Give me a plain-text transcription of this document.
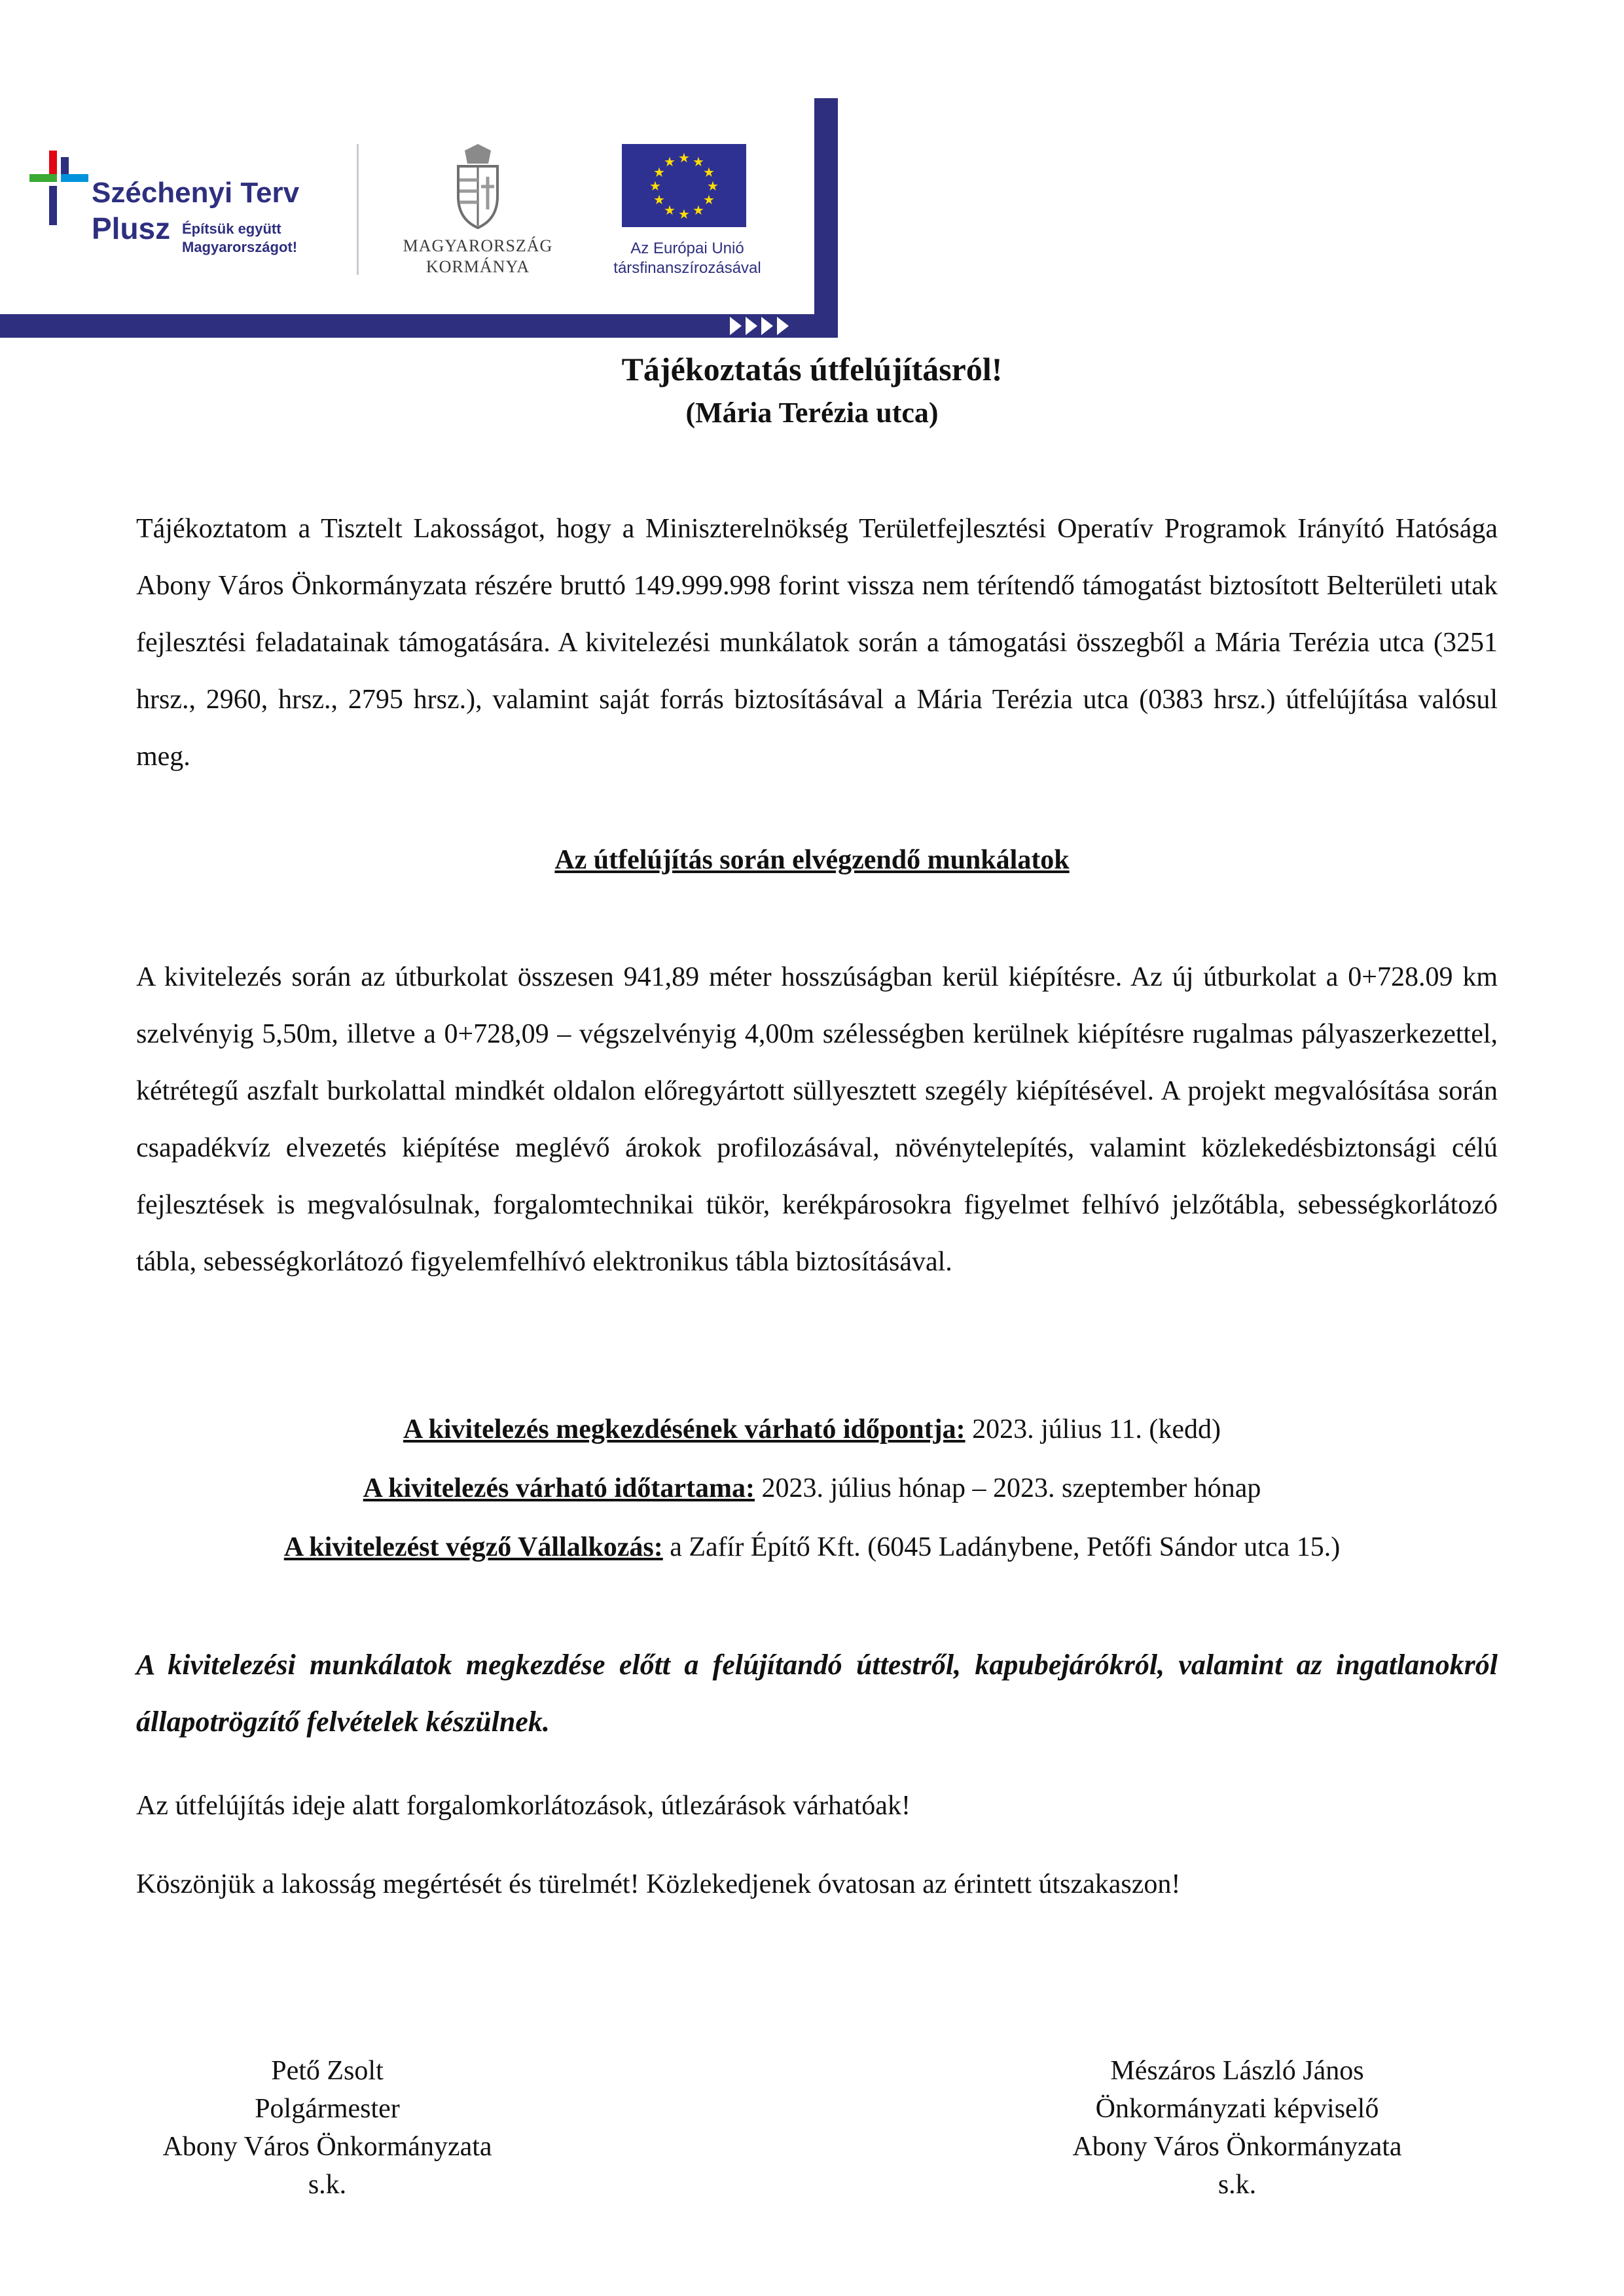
Széchenyi Terv
Plusz Építsük együtt Magyarországot!	MAGYARORSZÁG
KORMÁNYA
★ ★
★
★
★
★
★
★
★
★
★
★
Az Európai Unió
társfinanszírozásával
Tájékoztatás útfelújításról!
(Mária Terézia utca)
Tájékoztatom a Tisztelt Lakosságot, hogy a Miniszterelnökség Területfejlesztési Operatív Programok Irányító Hatósága Abony Város Önkormányzata részére bruttó 149.999.998 forint vissza nem térítendő támogatást biztosított Belterületi utak fejlesztési feladatainak támogatására. A kivitelezési munkálatok során a támogatási összegből a Mária Terézia utca (3251 hrsz., 2960, hrsz., 2795 hrsz.), valamint saját forrás biztosításával a Mária Terézia utca (0383 hrsz.) útfelújítása valósul meg.
Az útfelújítás során elvégzendő munkálatok
A kivitelezés során az útburkolat összesen 941,89 méter hosszúságban kerül kiépítésre. Az új útburkolat a 0+728.09 km szelvényig 5,50m, illetve a 0+728,09 – végszelvényig 4,00m szélességben kerülnek kiépítésre rugalmas pályaszerkezettel, kétrétegű aszfalt burkolattal mindkét oldalon előregyártott süllyesztett szegély kiépítésével. A projekt megvalósítása során csapadékvíz elvezetés kiépítése meglévő árokok profilozásával, növénytelepítés, valamint közlekedésbiztonsági célú fejlesztések is megvalósulnak, forgalomtechnikai tükör, kerékpárosokra figyelmet felhívó jelzőtábla, sebességkorlátozó tábla, sebességkorlátozó figyelemfelhívó elektronikus tábla biztosításával.
A kivitelezés megkezdésének várható időpontja: 2023. július 11. (kedd)
A kivitelezés várható időtartama: 2023. július hónap – 2023. szeptember hónap
A kivitelezést végző Vállalkozás: a Zafír Építő Kft. (6045 Ladánybene, Petőfi Sándor utca 15.)
A kivitelezési munkálatok megkezdése előtt a felújítandó úttestről, kapubejárókról, valamint az ingatlanokról állapotrögzítő felvételek készülnek.
Az útfelújítás ideje alatt forgalomkorlátozások, útlezárások várhatóak!
Köszönjük a lakosság megértését és türelmét! Közlekedjenek óvatosan az érintett útszakaszon!
Pető Zsolt
Polgármester
Abony Város Önkormányzata
s.k.
Mészáros László János
Önkormányzati képviselő
Abony Város Önkormányzata
s.k.
